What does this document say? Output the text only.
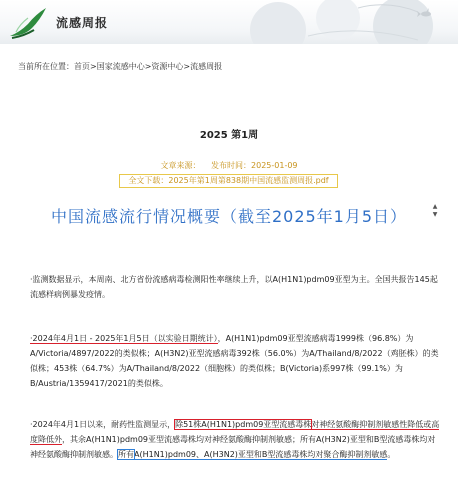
流感周报
当前所在位置：首页>国家流感中心>资源中心>流感周报
2025 第1周
文章来源： 发布时间：2025-01-09
全文下载：2025年第1周第838期中国流感监测周报.pdf
中国流感流行情况概要（截至2025年1月5日）
▲
▼

·监测数据显示，本周南、北方省份流感病毒检测阳性率继续上升，以A(H1N1)pdm09亚型为主。全国共报告145起流感样病例暴发疫情。

·2024年4月1日 - 2025年1月5日（以实验日期统计），A(H1N1)pdm09亚型流感病毒1999株（96.8%）为A/Victoria/4897/2022的类似株；A(H3N2)亚型流感病毒392株（56.0%）为A/Thailand/8/2022（鸡胚株）的类似株；453株（64.7%）为A/Thailand/8/2022（细胞株）的类似株；B(Victoria)系997株（99.1%）为B/Austria/1359417/2021的类似株。

·2024年4月1日以来，耐药性监测显示，除51株A(H1N1)pdm09亚型流感毒株对神经氨酸酶抑制剂敏感性降低或高度降低外，其余A(H1N1)pdm09亚型流感毒株均对神经氨酸酶抑制剂敏感；所有A(H3N2)亚型和B型流感毒株均对神经氨酸酶抑制剂敏感。所有A(H1N1)pdm09、A(H3N2)亚型和B型流感毒株均对聚合酶抑制剂敏感。
